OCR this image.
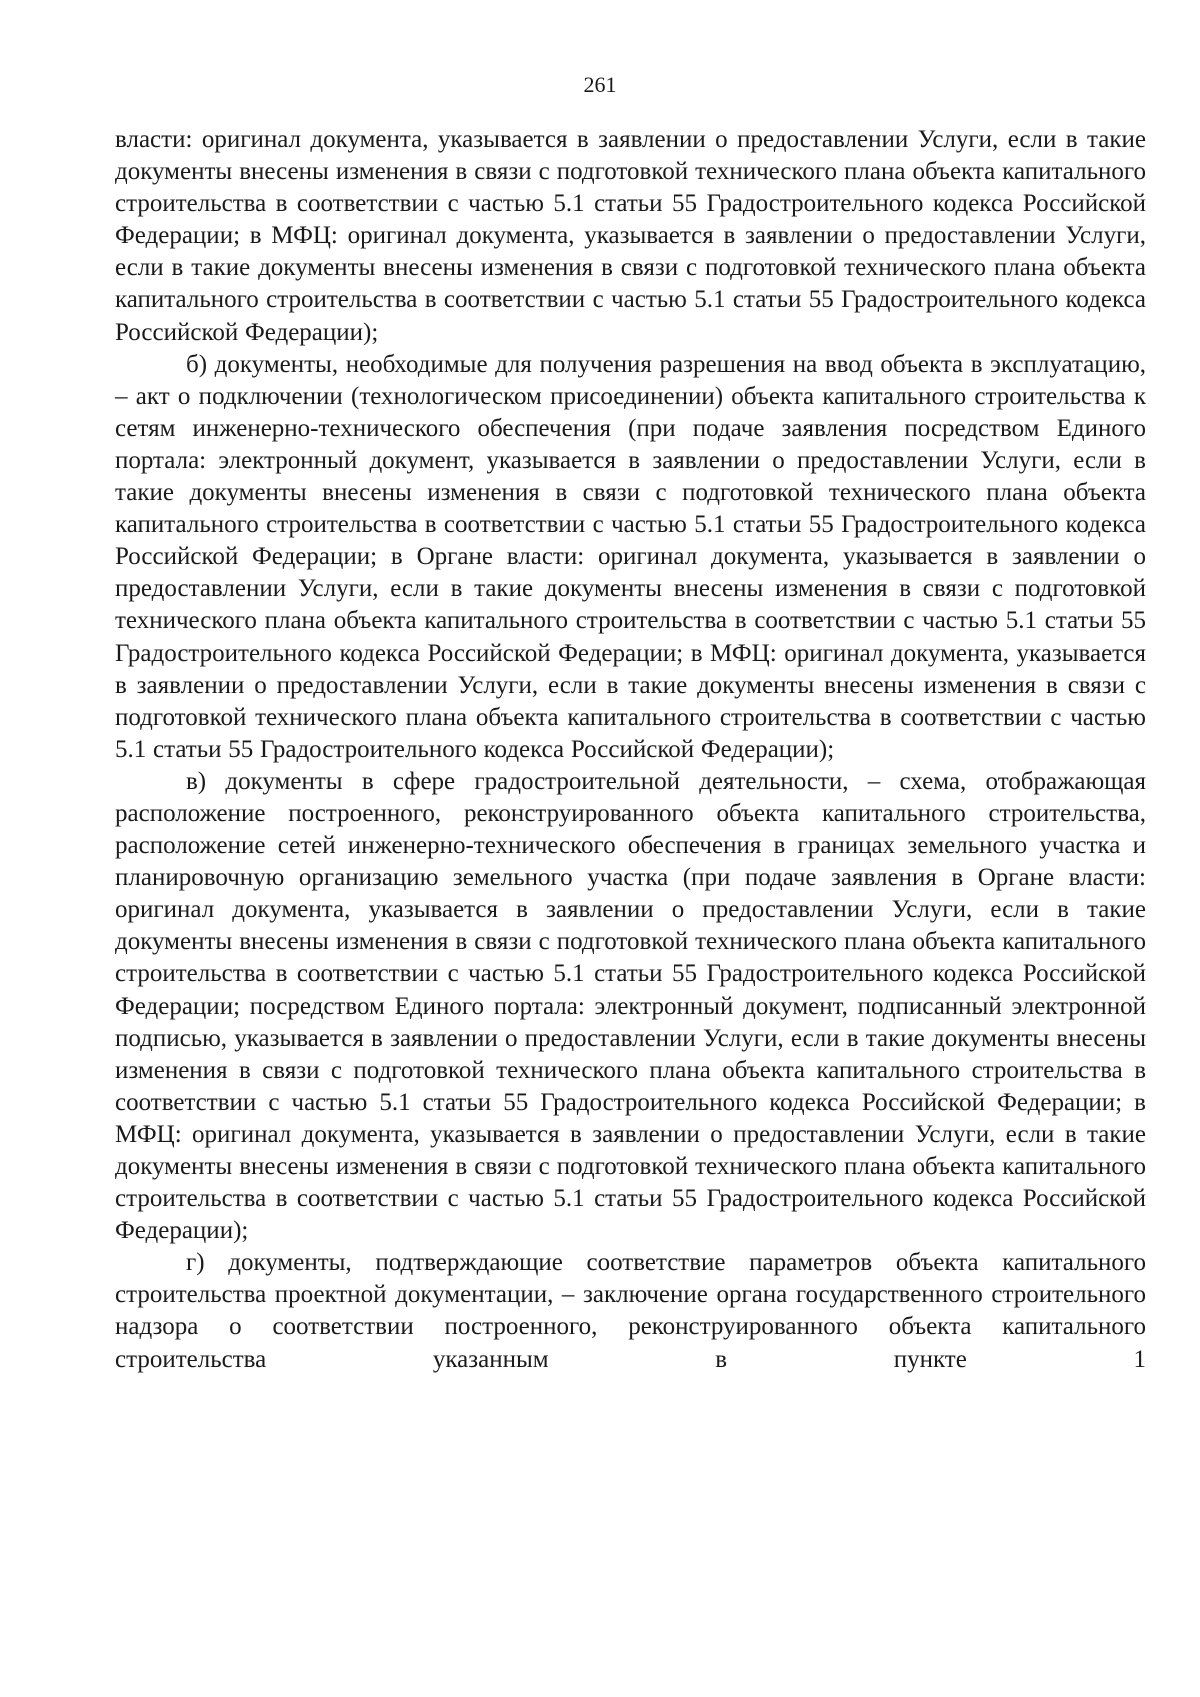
261

власти: оригинал документа, указывается в заявлении о предоставлении Услуги, если в такие документы внесены изменения в связи с подготовкой технического плана объекта капитального строительства в соответствии с частью 5.1 статьи 55 Градостроительного кодекса Российской Федерации; в МФЦ: оригинал документа, указывается в заявлении о предоставлении Услуги, если в такие документы внесены изменения в связи с подготовкой технического плана объекта капитального строительства в соответствии с частью 5.1 статьи 55 Градостроительного кодекса Российской Федерации);

б) документы, необходимые для получения разрешения на ввод объекта в эксплуатацию, – акт о подключении (технологическом присоединении) объекта капитального строительства к сетям инженерно-технического обеспечения (при подаче заявления посредством Единого портала: электронный документ, указывается в заявлении о предоставлении Услуги, если в такие документы внесены изменения в связи с подготовкой технического плана объекта капитального строительства в соответствии с частью 5.1 статьи 55 Градостроительного кодекса Российской Федерации; в Органе власти: оригинал документа, указывается в заявлении о предоставлении Услуги, если в такие документы внесены изменения в связи с подготовкой технического плана объекта капитального строительства в соответствии с частью 5.1 статьи 55 Градостроительного кодекса Российской Федерации; в МФЦ: оригинал документа, указывается в заявлении о предоставлении Услуги, если в такие документы внесены изменения в связи с подготовкой технического плана объекта капитального строительства в соответствии с частью 5.1 статьи 55 Градостроительного кодекса Российской Федерации);

в) документы в сфере градостроительной деятельности, – схема, отображающая расположение построенного, реконструированного объекта капитального строительства, расположение сетей инженерно-технического обеспечения в границах земельного участка и планировочную организацию земельного участка (при подаче заявления в Органе власти: оригинал документа, указывается в заявлении о предоставлении Услуги, если в такие документы внесены изменения в связи с подготовкой технического плана объекта капитального строительства в соответствии с частью 5.1 статьи 55 Градостроительного кодекса Российской Федерации; посредством Единого портала: электронный документ, подписанный электронной подписью, указывается в заявлении о предоставлении Услуги, если в такие документы внесены изменения в связи с подготовкой технического плана объекта капитального строительства в соответствии с частью 5.1 статьи 55 Градостроительного кодекса Российской Федерации; в МФЦ: оригинал документа, указывается в заявлении о предоставлении Услуги, если в такие документы внесены изменения в связи с подготовкой технического плана объекта капитального строительства в соответствии с частью 5.1 статьи 55 Градостроительного кодекса Российской Федерации);

г) документы, подтверждающие соответствие параметров объекта капитального строительства проектной документации, – заключение органа государственного строительного надзора о соответствии построенного, реконструированного объекта капитального строительства указанным в пункте 1
